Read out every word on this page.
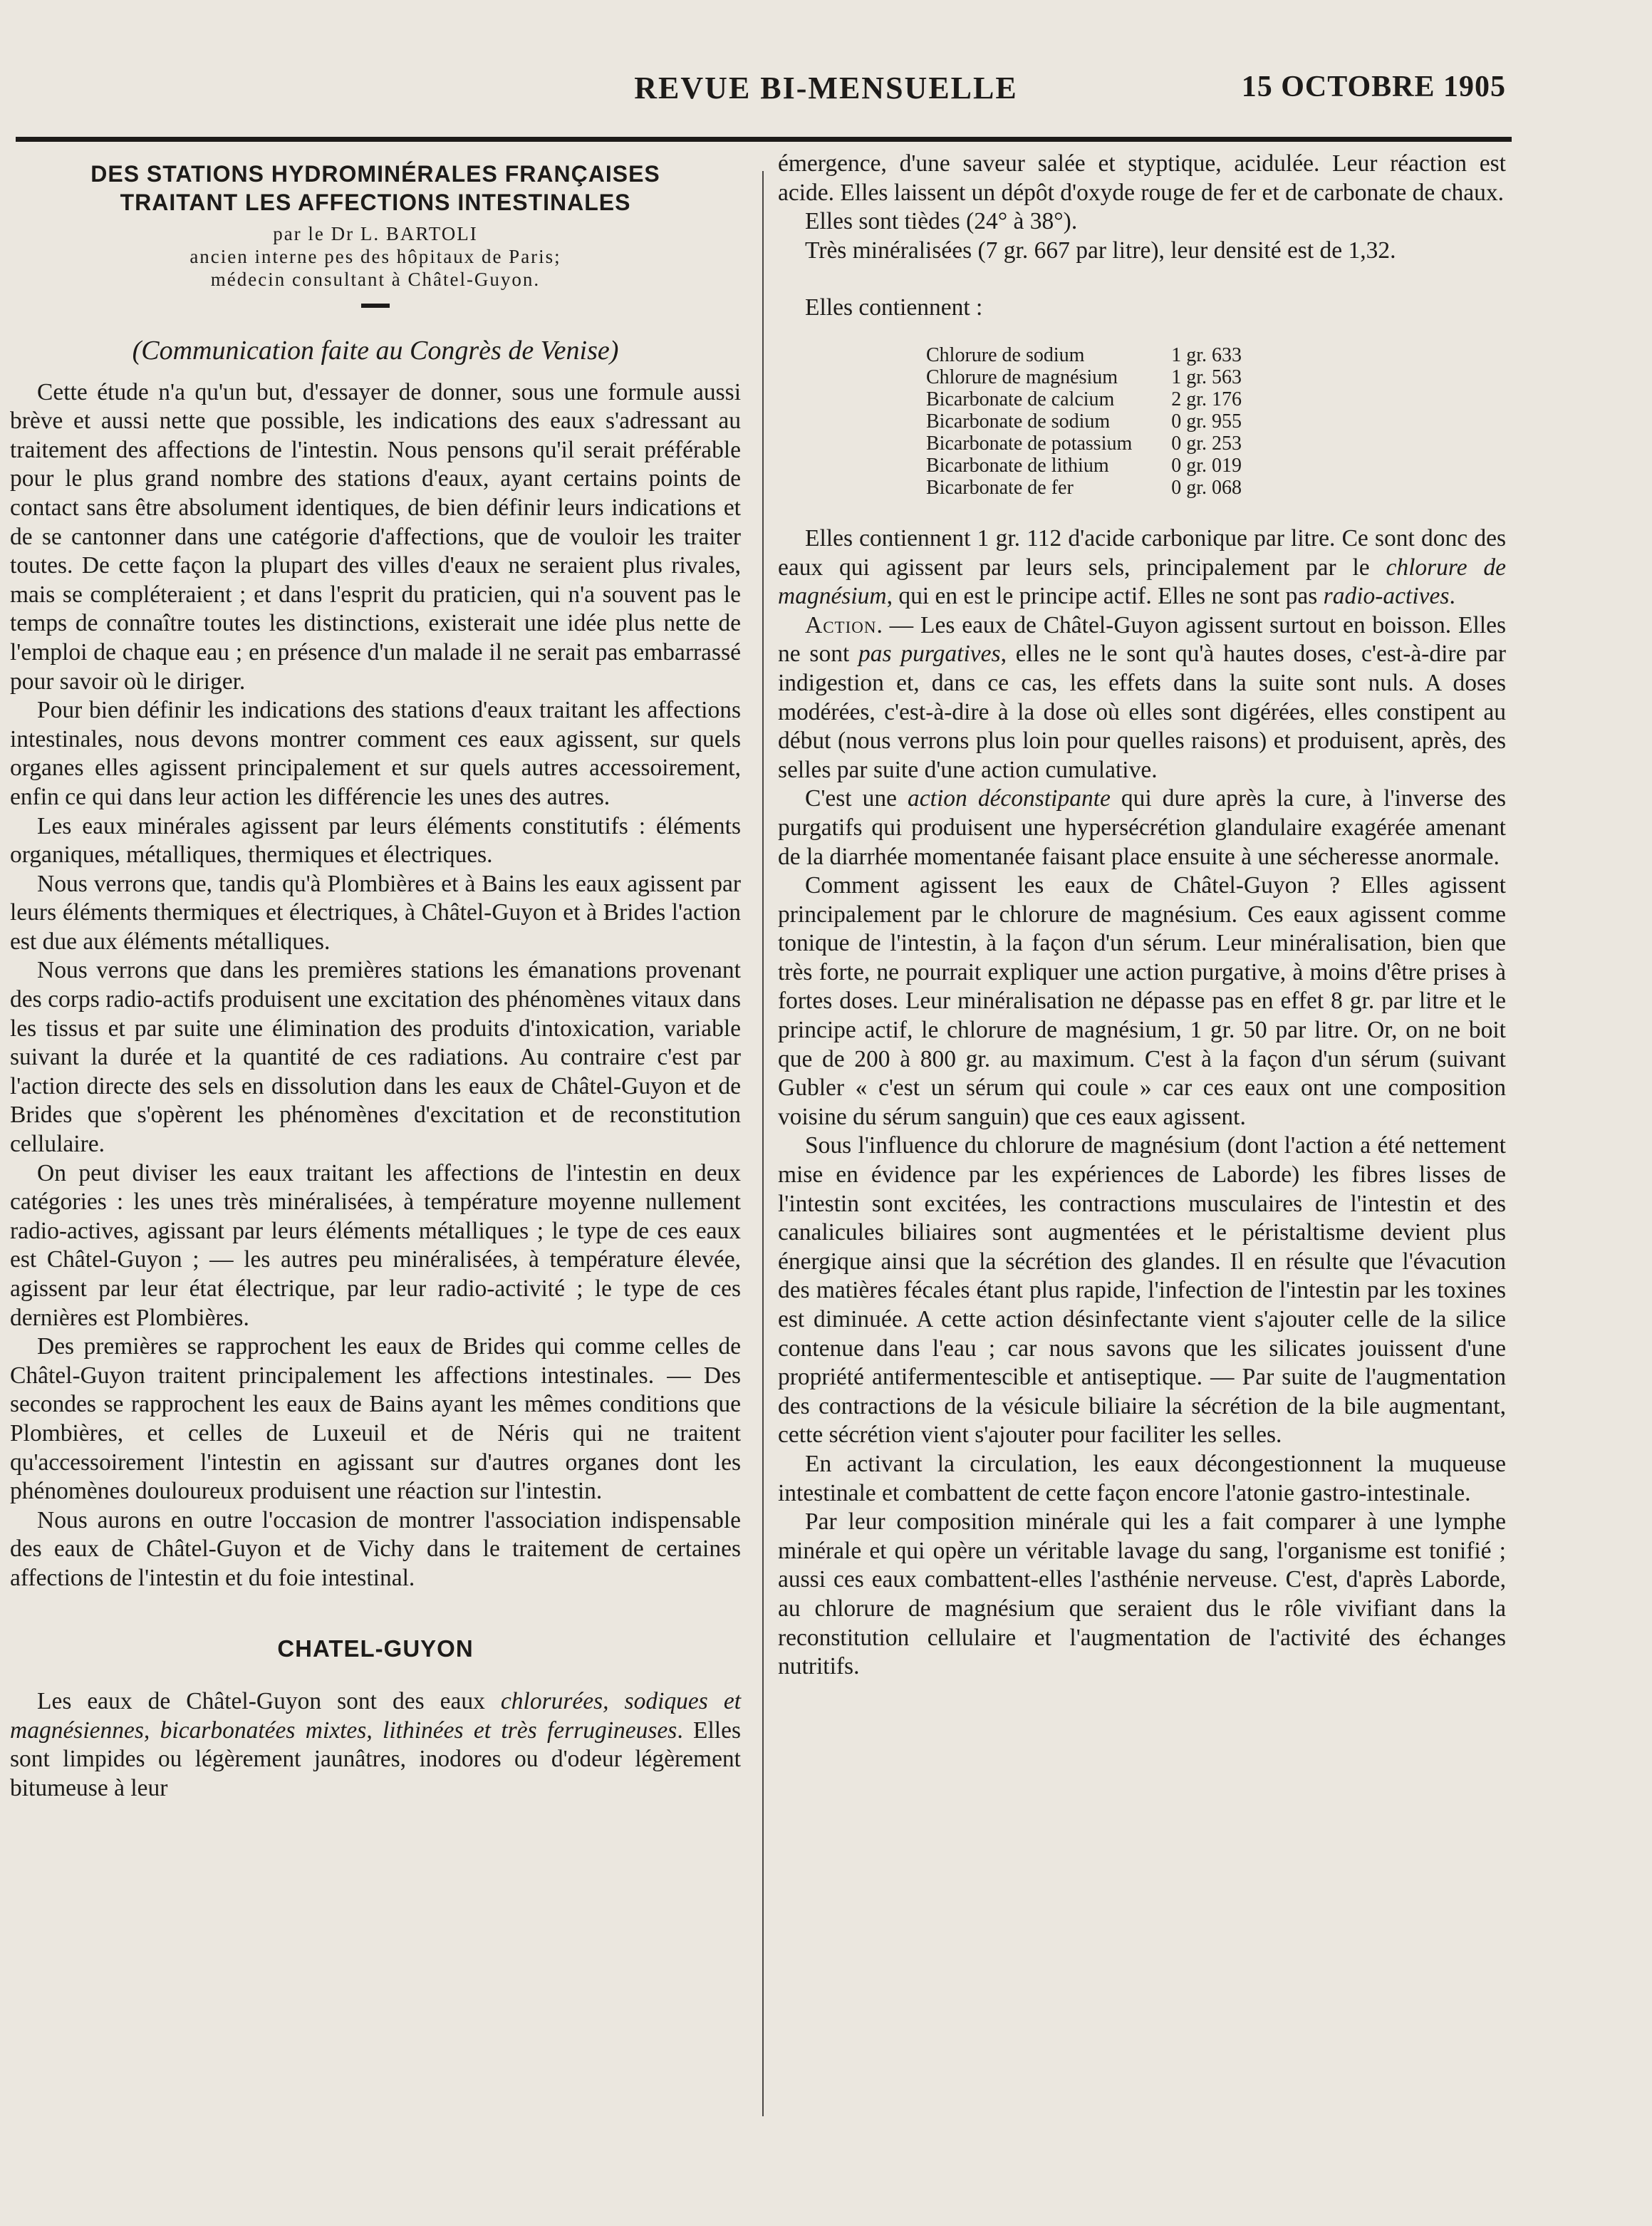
REVUE BI-MENSUELLE	15 OCTOBRE 1905
DES STATIONS HYDROMINÉRALES FRANÇAISES
TRAITANT LES AFFECTIONS INTESTINALES
par le Dr L. BARTOLI
ancien interne pes des hôpitaux de Paris;
médecin consultant à Châtel-Guyon.
(Communication faite au Congrès de Venise)

Cette étude n'a qu'un but, d'essayer de donner, sous une formule aussi brève et aussi nette que possible, les indications des eaux s'adressant au traitement des affections de l'intestin. Nous pensons qu'il serait préférable pour le plus grand nombre des stations d'eaux, ayant certains points de contact sans être absolument identiques, de bien définir leurs indications et de se cantonner dans une catégorie d'affections, que de vouloir les traiter toutes. De cette façon la plupart des villes d'eaux ne seraient plus rivales, mais se compléteraient ; et dans l'esprit du praticien, qui n'a souvent pas le temps de connaître toutes les distinctions, existerait une idée plus nette de l'emploi de chaque eau ; en présence d'un malade il ne serait pas embarrassé pour savoir où le diriger.

Pour bien définir les indications des stations d'eaux traitant les affections intestinales, nous devons montrer comment ces eaux agissent, sur quels organes elles agissent principalement et sur quels autres accessoirement, enfin ce qui dans leur action les différencie les unes des autres.

Les eaux minérales agissent par leurs éléments constitutifs : éléments organiques, métalliques, thermiques et électriques.

Nous verrons que, tandis qu'à Plombières et à Bains les eaux agissent par leurs éléments thermiques et électriques, à Châtel-Guyon et à Brides l'action est due aux éléments métalliques.

Nous verrons que dans les premières stations les émanations provenant des corps radio-actifs produisent une excitation des phénomènes vitaux dans les tissus et par suite une élimination des produits d'intoxication, variable suivant la durée et la quantité de ces radiations. Au contraire c'est par l'action directe des sels en dissolution dans les eaux de Châtel-Guyon et de Brides que s'opèrent les phénomènes d'excitation et de reconstitution cellulaire.

On peut diviser les eaux traitant les affections de l'intestin en deux catégories : les unes très minéralisées, à température moyenne nullement radio-actives, agissant par leurs éléments métalliques ; le type de ces eaux est Châtel-Guyon ; — les autres peu minéralisées, à température élevée, agissent par leur état électrique, par leur radio-activité ; le type de ces dernières est Plombières.

Des premières se rapprochent les eaux de Brides qui comme celles de Châtel-Guyon traitent principalement les affections intestinales. — Des secondes se rapprochent les eaux de Bains ayant les mêmes conditions que Plombières, et celles de Luxeuil et de Néris qui ne traitent qu'accessoirement l'intestin en agissant sur d'autres organes dont les phénomènes douloureux produisent une réaction sur l'intestin.

Nous aurons en outre l'occasion de montrer l'association indispensable des eaux de Châtel-Guyon et de Vichy dans le traitement de certaines affections de l'intestin et du foie intestinal.

CHATEL-GUYON

Les eaux de Châtel-Guyon sont des eaux chlorurées, sodiques et magnésiennes, bicarbonatées mixtes, lithinées et très ferrugineuses. Elles sont limpides ou légèrement jaunâtres, inodores ou d'odeur légèrement bitumeuse à leur

émergence, d'une saveur salée et styptique, acidulée. Leur réaction est acide. Elles laissent un dépôt d'oxyde rouge de fer et de carbonate de chaux.

Elles sont tièdes (24° à 38°).

Très minéralisées (7 gr. 667 par litre), leur densité est de 1,32.

Elles contiennent :
Chlorure de sodium	1 gr. 633
Chlorure de magnésium	1 gr. 563
Bicarbonate de calcium	2 gr. 176
Bicarbonate de sodium	0 gr. 955
Bicarbonate de potassium	0 gr. 253
Bicarbonate de lithium	0 gr. 019
Bicarbonate de fer	0 gr. 068

Elles contiennent 1 gr. 112 d'acide carbonique par litre. Ce sont donc des eaux qui agissent par leurs sels, principalement par le chlorure de magnésium, qui en est le principe actif. Elles ne sont pas radio-actives.

Action. — Les eaux de Châtel-Guyon agissent surtout en boisson. Elles ne sont pas purgatives, elles ne le sont qu'à hautes doses, c'est-à-dire par indigestion et, dans ce cas, les effets dans la suite sont nuls. A doses modérées, c'est-à-dire à la dose où elles sont digérées, elles constipent au début (nous verrons plus loin pour quelles raisons) et produisent, après, des selles par suite d'une action cumulative.

C'est une action déconstipante qui dure après la cure, à l'inverse des purgatifs qui produisent une hypersécrétion glandulaire exagérée amenant de la diarrhée momentanée faisant place ensuite à une sécheresse anormale.

Comment agissent les eaux de Châtel-Guyon ? Elles agissent principalement par le chlorure de magnésium. Ces eaux agissent comme tonique de l'intestin, à la façon d'un sérum. Leur minéralisation, bien que très forte, ne pourrait expliquer une action purgative, à moins d'être prises à fortes doses. Leur minéralisation ne dépasse pas en effet 8 gr. par litre et le principe actif, le chlorure de magnésium, 1 gr. 50 par litre. Or, on ne boit que de 200 à 800 gr. au maximum. C'est à la façon d'un sérum (suivant Gubler « c'est un sérum qui coule » car ces eaux ont une composition voisine du sérum sanguin) que ces eaux agissent.

Sous l'influence du chlorure de magnésium (dont l'action a été nettement mise en évidence par les expériences de Laborde) les fibres lisses de l'intestin sont excitées, les contractions musculaires de l'intestin et des canalicules biliaires sont augmentées et le péristaltisme devient plus énergique ainsi que la sécrétion des glandes. Il en résulte que l'évacution des matières fécales étant plus rapide, l'infection de l'intestin par les toxines est diminuée. A cette action désinfectante vient s'ajouter celle de la silice contenue dans l'eau ; car nous savons que les silicates jouissent d'une propriété antifermentescible et antiseptique. — Par suite de l'augmentation des contractions de la vésicule biliaire la sécrétion de la bile augmentant, cette sécrétion vient s'ajouter pour faciliter les selles.

En activant la circulation, les eaux décongestionnent la muqueuse intestinale et combattent de cette façon encore l'atonie gastro-intestinale.

Par leur composition minérale qui les a fait comparer à une lymphe minérale et qui opère un véritable lavage du sang, l'organisme est tonifié ; aussi ces eaux combattent-elles l'asthénie nerveuse. C'est, d'après Laborde, au chlorure de magnésium que seraient dus le rôle vivifiant dans la reconstitution cellulaire et l'augmentation de l'activité des échanges nutritifs.
